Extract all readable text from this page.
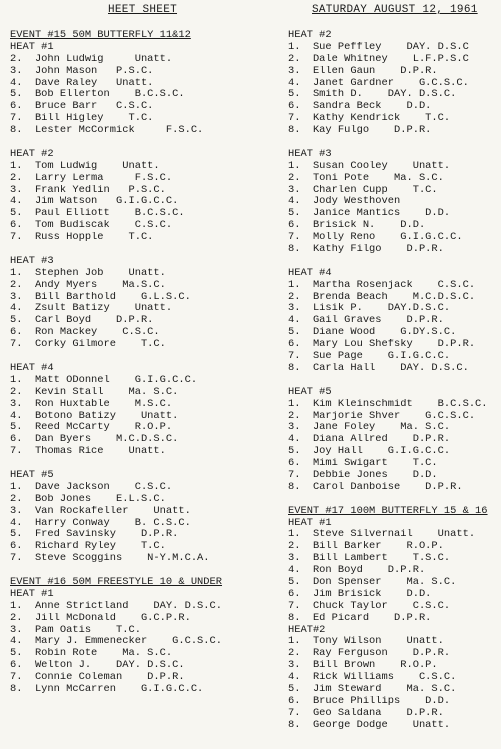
HEET SHEET	SATURDAY AUGUST 12, 1961
EVENT #15 50M BUTTERFLY 11&12
HEAT #1
2.  John Ludwig     Unatt.
3.  John Mason   P.S.C.
4.  Dave Raley   Unatt.
5.  Bob Ellerton    B.C.S.C.
6.  Bruce Barr   C.S.C.
7.  Bill Higley    T.C.
8.  Lester McCormick     F.S.C.
HEAT #2
1.  Tom Ludwig    Unatt.
2.  Larry Lerma     F.S.C.
3.  Frank Yedlin   P.S.C.
4.  Jim Watson   G.I.G.C.C.
5.  Paul Elliott    B.C.S.C.
6.  Tom Budiscak    C.S.C.
7.  Russ Hopple    T.C.
HEAT #3
1.  Stephen Job    Unatt.
2.  Andy Myers    Ma.S.C.
3.  Bill Barthold    G.L.S.C.
4.  Zsult Batizy    Unatt.
5.  Carl Boyd    D.P.R.
6.  Ron Mackey    C.S.C.
7.  Corky Gilmore    T.C.
HEAT #4
1.  Matt ODonnel    G.I.G.C.C.
2.  Kevin Stall    Ma. S.C.
3.  Ron Huxtable    M.S.C.
4.  Botono Batizy    Unatt.
5.  Reed McCarty    R.O.P.
6.  Dan Byers    M.C.D.S.C.
7.  Thomas Rice    Unatt.
HEAT #5
1.  Dave Jackson    C.S.C.
2.  Bob Jones    E.L.S.C.
3.  Van Rockafeller    Unatt.
4.  Harry Conway    B. C.S.C.
5.  Fred Savinsky    D.P.R.
6.  Richard Ryley    T.C.
7.  Steve Scoggins    N-Y.M.C.A.
EVENT #16 50M FREESTYLE 10 & UNDER
HEAT #1
1.  Anne Strictland    DAY. D.S.C.
2.  Jill McDonald    G.C.P.R.
3.  Pam Oatis    T.C.
4.  Mary J. Emmenecker    G.C.S.C.
5.  Robin Rote    Ma. S.C.
6.  Welton J.    DAY. D.S.C.
7.  Connie Coleman    D.P.R.
8.  Lynn McCarren    G.I.G.C.C.
HEAT #2
1.  Sue Peffley    DAY. D.S.C
2.  Dale Whitney    L.F.P.S.C
3.  Ellen Gaun    D.P.R.
4.  Janet Gardner    G.C.S.C.
5.  Smith D.    DAY. D.S.C.
6.  Sandra Beck    D.D.
7.  Kathy Kendrick    T.C.
8.  Kay Fulgo    D.P.R.
HEAT #3
1.  Susan Cooley    Unatt.
2.  Toni Pote    Ma. S.C.
3.  Charlen Cupp    T.C.
4.  Jody Westhoven
5.  Janice Mantics    D.D.
6.  Brisick N.    D.D.
7.  Molly Reno    G.I.G.C.C.
8.  Kathy Filgo    D.P.R.
HEAT #4
1.  Martha Rosenjack    C.S.C.
2.  Brenda Beach    M.C.D.S.C.
3.  Lisik P.    DAY.D.S.C.
4.  Gail Graves    D.P.R.
5.  Diane Wood    G.DY.S.C.
6.  Mary Lou Shefsky    D.P.R.
7.  Sue Page    G.I.G.C.C.
8.  Carla Hall    DAY. D.S.C.
HEAT #5
1.  Kim Kleinschmidt    B.C.S.C.
2.  Marjorie Shver    G.C.S.C.
3.  Jane Foley    Ma. S.C.
4.  Diana Allred    D.P.R.
5.  Joy Hall    G.I.G.C.C.
6.  Mimi Swigart    T.C.
7.  Debbie Jones    D.D.
8.  Carol Danboise    D.P.R.
EVENT #17 100M BUTTERFLY 15 & 16
HEAT #1
1.  Steve Silvernail    Unatt.
2.  Bill Barker    R.O.P.
3.  Bill Lambert    T.S.C.
4.  Ron Boyd    D.P.R.
5.  Don Spenser    Ma. S.C.
6.  Jim Brisick    D.D.
7.  Chuck Taylor    C.S.C.
8.  Ed Picard    D.P.R.
HEAT#2
1.  Tony Wilson    Unatt.
2.  Ray Ferguson    D.P.R.
3.  Bill Brown    R.O.P.
4.  Rick Williams    C.S.C.
5.  Jim Steward    Ma. S.C.
6.  Bruce Phillips    D.D.
7.  Geo Saldana    D.P.R.
8.  George Dodge    Unatt.
